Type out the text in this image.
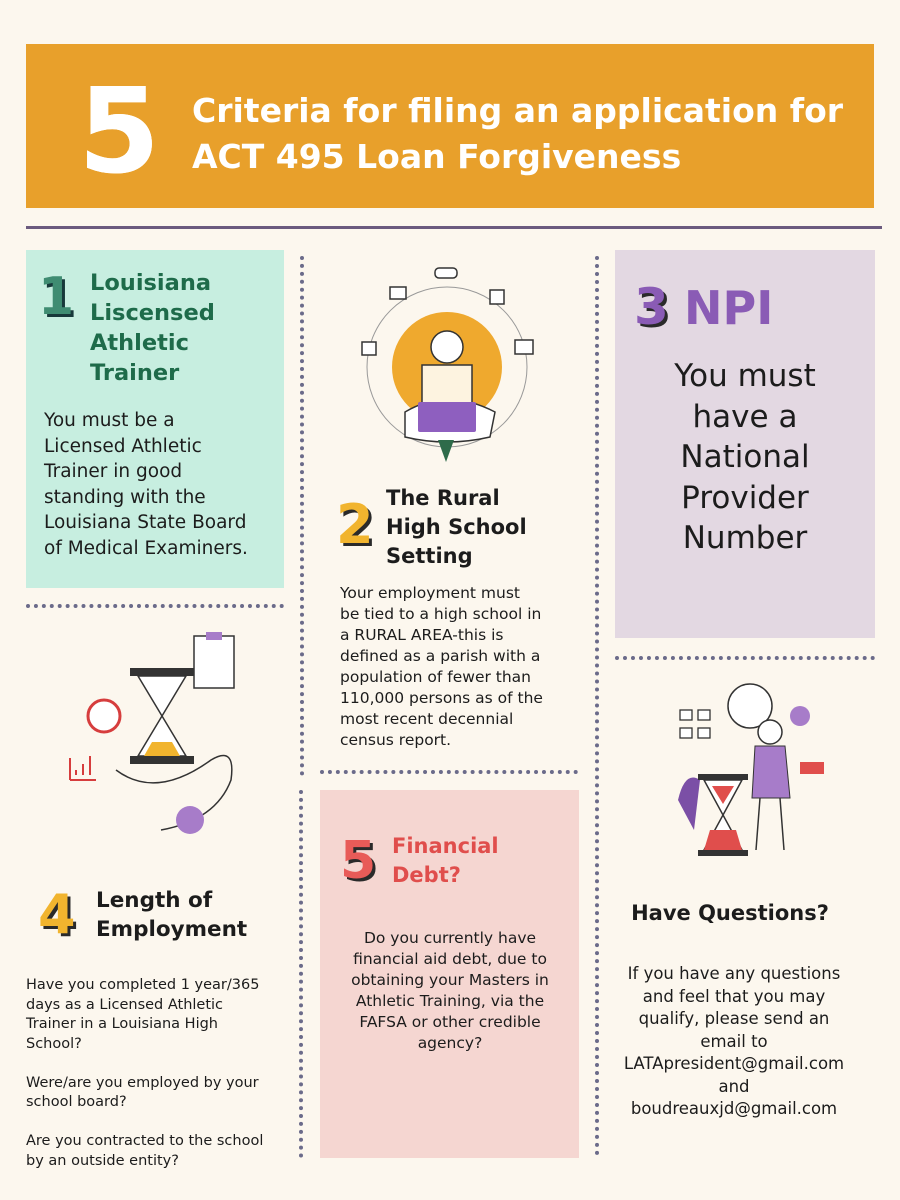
5 Criteria for filing an application for
ACT 495 Loan Forgiveness
1 Louisiana
Liscensed
Athletic
Trainer
You must be a
Licensed Athletic
Trainer in good
standing with the
Louisiana State Board
of Medical Examiners.	2 The Rural
High School
Setting
Your employment must
be tied to a high school in
a RURAL AREA-this is
defined as a parish with a
population of fewer than
110,000 persons as of the
most recent decennial
census report.
3 NPI
You must
have a
National
Provider
Number
4 Length of
Employment

Have you completed 1 year/365
days as a Licensed Athletic
Trainer in a Louisiana High
School?

Were/are you employed by your
school board?

Are you contracted to the school
by an outside entity?

5 Financial
Debt?
Do you currently have
financial aid debt, due to
obtaining your Masters in
Athletic Training, via the
FAFSA or other credible
agency?
Have Questions?
If you have any questions
and feel that you may
qualify, please send an
email to
LATApresident@gmail.com
and
boudreauxjd@gmail.com
